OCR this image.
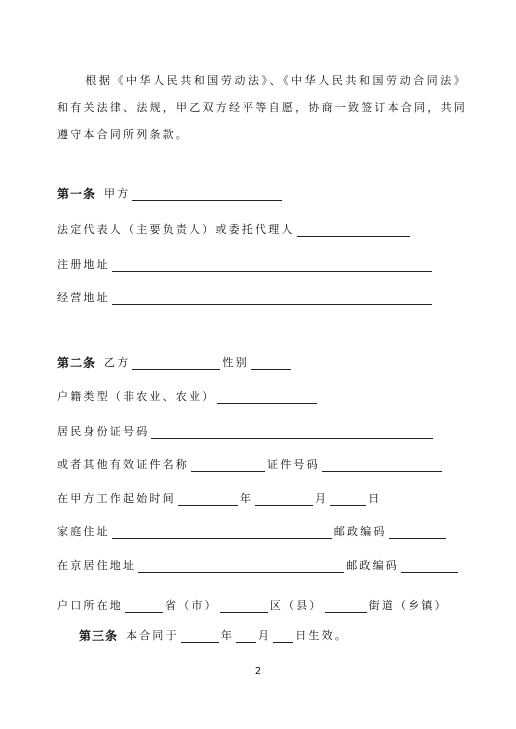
根据《中华人民共和国劳动法》、《中华人民共和国劳动合同法》和有关法律、法规，甲乙双方经平等自愿，协商一致签订本合同，共同遵守本合同所列条款。
第一条 甲方
法定代表人（主要负责人）或委托代理人
注册地址
经营地址
第二条 乙方	性别
户籍类型（非农业、农业）
居民身份证号码
或者其他有效证件名称	证件号码
在甲方工作起始时间	年	月	日
家庭住址	邮政编码
在京居住地址	邮政编码
户口所在地	省（市）	区（县）	街道（乡镇）
第三条 本合同于	年 月 日生效。
2
